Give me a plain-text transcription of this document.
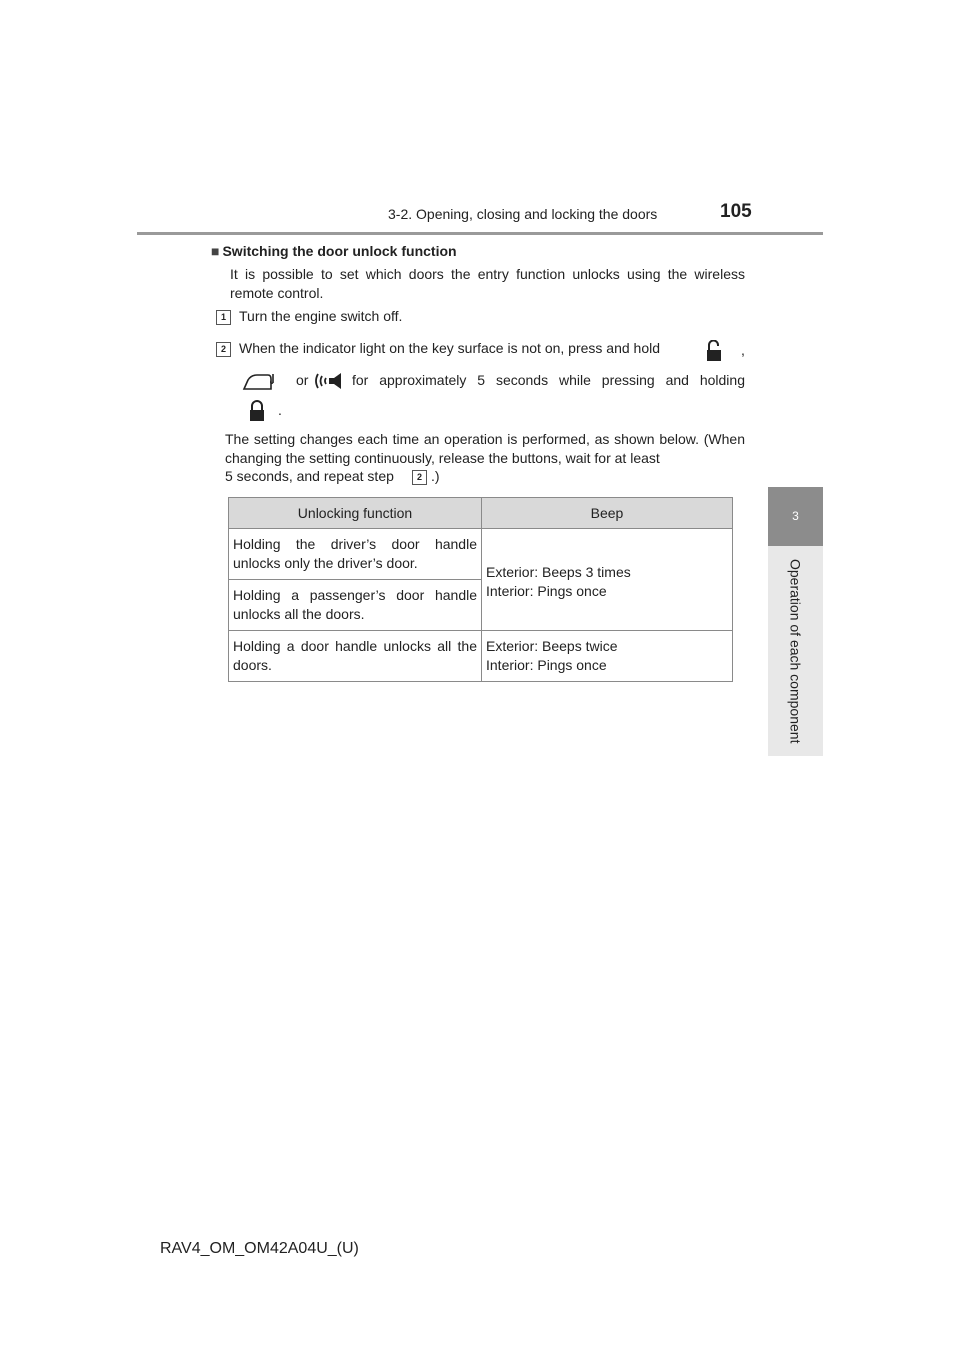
3-2. Opening, closing and locking the doors	105
3
Operation of each component
■ Switching the door unlock function
It is possible to set which doors the entry function unlocks using the wireless remote control.
1 Turn the engine switch off.
2 When the indicator light on the key surface is not on, press and hold	,
or	for approximately 5 seconds while pressing and holding
.
The setting changes each time an operation is performed, as shown below. (When changing the setting continuously, release the buttons, wait for at least
5 seconds, and repeat step	2 .)
Unlocking function	Beep
Holding the driver’s door handle unlocks only the driver’s door.	Exterior: Beeps 3 times
Interior: Pings once

Holding a passenger’s door handle unlocks all the doors.	
Holding a door handle unlocks all the doors.	Exterior: Beeps twice
Interior: Pings once
RAV4_OM_OM42A04U_(U)
